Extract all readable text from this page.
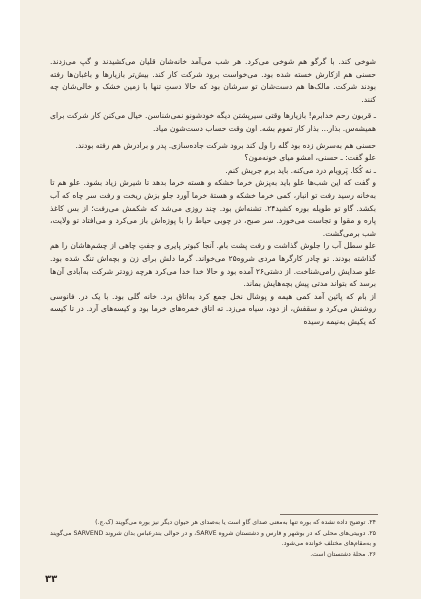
شوخی کند. با گرگو هم شوخی می‌کرد. هر شب می‌آمد خانه‌شان قلیان می‌کشیدند و گپ می‌زدند. حسنی هم ازکارش خسته شده بود. می‌خواست برود شرکت کار کند. بیش‌تر بازیارها و باغبان‌ها رفته بودند شرکت. مالک‌ها هم دست‌شان تو سرشان بود که حالا دستِ تنها با زمین خشک و خالی‌شان چه کنند.

ـ قربون رحم خدابرم! بازیارها وقتی سیرپشتن دیگه خودشونو نمی‌شناسن. خیال می‌کنن کار شرکت برای همیشه‌س. بذار... بذار کار تموم بشه. اون وقت حساب دست‌شون میاد.

حسنی هم به‌سرش زده بود گله را ول کند برود شرکت جاده‌سازی. پدر و برادرش هم رفته بودند.

علو گفت: ـ حسنی، امشو میای خونه‌مون؟

ـ نه کُکا. پَرویام درد می‌کنه. باید برم جریش کنم.

و گفت که این شب‌ها علو باید به‌پزش خرما خشکه و هسته خرما بدهد تا شیرش زیاد بشود. علو هم تا به‌خانه رسید رفت تو انبار، کمی خرما خشکه و هستهٔ خرما آورد جلو بزش ریخت و رفت سر چاه که آب بکشد. گاو تو طویله بوره کشید۲۴. تشنه‌اش بود. چند روزی می‌شد که شکمش می‌رفت؛ از بس کاغذ پاره و مقوا و تجاست می‌خورد. سر صبح، در چوبی حیاط را با پوزه‌اش باز می‌کرد و می‌افتاد تو ولایت، شب برمی‌گشت.

علو سطل آب را جلوش گذاشت و رفت پشت بام. آنجا کبوتر پایری و جفتِ چاهی از چشم‌هاشان را هم گذاشته بودند. تو چادر کارگرها مردی شروه۲۵ می‌خواند. گرما دلش برای زن و بچه‌اش تنگ شده بود. علو صدایش رامی‌شناخت. از دشتی۲۶ آمده بود و حالا خدا خدا می‌کرد هرچه زودتر شرکت به‌آبادی آن‌ها برسد که بتواند مدتی پیش بچه‌هایش بماند.

از بام که پائین آمد کمی هیمه و پوشال نخل جمع کرد به‌اتاق برد. خانه گلی بود. با یک در. فانوسی روشنش می‌کرد و سقفش، از دود، سیاه می‌زد. ته اتاق خمره‌های خرما بود و کیسه‌های آرد. در تا کیسه که یکیش به‌نیمه رسیده

۲۴. توضیح داده نشده که بوره تنها به‌معنی صدای گاو است یا به‌صدای هر حیوان دیگر نیز بوره می‌گویند (ک.ج.)

۲۵. دوبیتی‌های محلی که در بوشهر و فارس و دشتستان شروه SARVE، و در حوالی بندرعباس بدان شروند SARVEND می‌گویند و به‌مقام‌های مختلف خوانده می‌شود.

۲۶. محلهٔ دشتستان است.

۳۳
